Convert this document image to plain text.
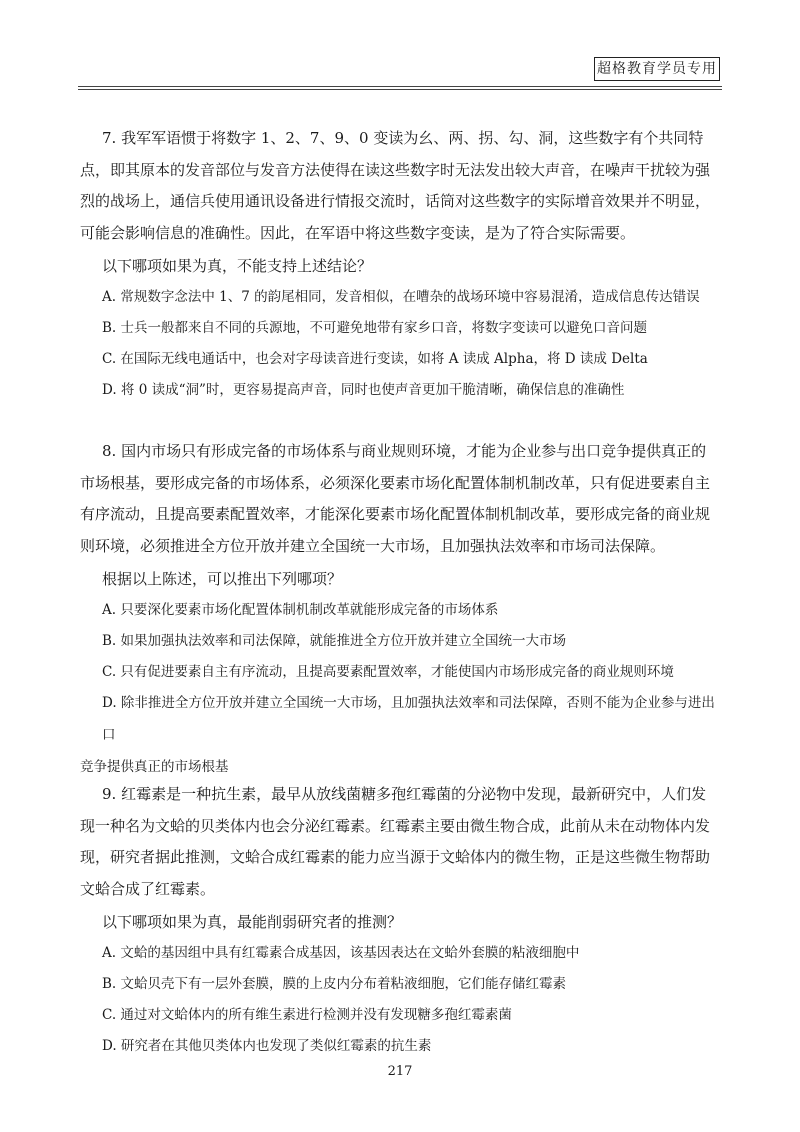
超格教育学员专用

7. 我军军语惯于将数字 1、2、7、9、0 变读为幺、两、拐、勾、洞，这些数字有个共同特点，即其原本的发音部位与发音方法使得在读这些数字时无法发出较大声音，在噪声干扰较为强烈的战场上，通信兵使用通讯设备进行情报交流时，话筒对这些数字的实际增音效果并不明显，可能会影响信息的准确性。因此，在军语中将这些数字变读，是为了符合实际需要。

以下哪项如果为真，不能支持上述结论？
A. 常规数字念法中 1、7 的韵尾相同，发音相似，在嘈杂的战场环境中容易混淆，造成信息传达错误
B. 士兵一般都来自不同的兵源地，不可避免地带有家乡口音，将数字变读可以避免口音问题
C. 在国际无线电通话中，也会对字母读音进行变读，如将 A 读成 Alpha，将 D 读成 Delta
D. 将 0 读成“洞”时，更容易提高声音，同时也使声音更加干脆清晰，确保信息的准确性

8. 国内市场只有形成完备的市场体系与商业规则环境，才能为企业参与出口竞争提供真正的市场根基，要形成完备的市场体系，必须深化要素市场化配置体制机制改革，只有促进要素自主有序流动，且提高要素配置效率，才能深化要素市场化配置体制机制改革，要形成完备的商业规则环境，必须推进全方位开放并建立全国统一大市场，且加强执法效率和市场司法保障。

根据以上陈述，可以推出下列哪项？
A. 只要深化要素市场化配置体制机制改革就能形成完备的市场体系
B. 如果加强执法效率和司法保障，就能推进全方位开放并建立全国统一大市场
C. 只有促进要素自主有序流动，且提高要素配置效率，才能使国内市场形成完备的商业规则环境
D. 除非推进全方位开放并建立全国统一大市场，且加强执法效率和司法保障，否则不能为企业参与进出口
竞争提供真正的市场根基

9. 红霉素是一种抗生素，最早从放线菌糖多孢红霉菌的分泌物中发现，最新研究中，人们发现一种名为文蛤的贝类体内也会分泌红霉素。红霉素主要由微生物合成，此前从未在动物体内发现，研究者据此推测，文蛤合成红霉素的能力应当源于文蛤体内的微生物，正是这些微生物帮助文蛤合成了红霉素。

以下哪项如果为真，最能削弱研究者的推测？
A. 文蛤的基因组中具有红霉素合成基因，该基因表达在文蛤外套膜的粘液细胞中
B. 文蛤贝壳下有一层外套膜，膜的上皮内分布着粘液细胞，它们能存储红霉素
C. 通过对文蛤体内的所有维生素进行检测并没有发现糖多孢红霉素菌
D. 研究者在其他贝类体内也发现了类似红霉素的抗生素
217
